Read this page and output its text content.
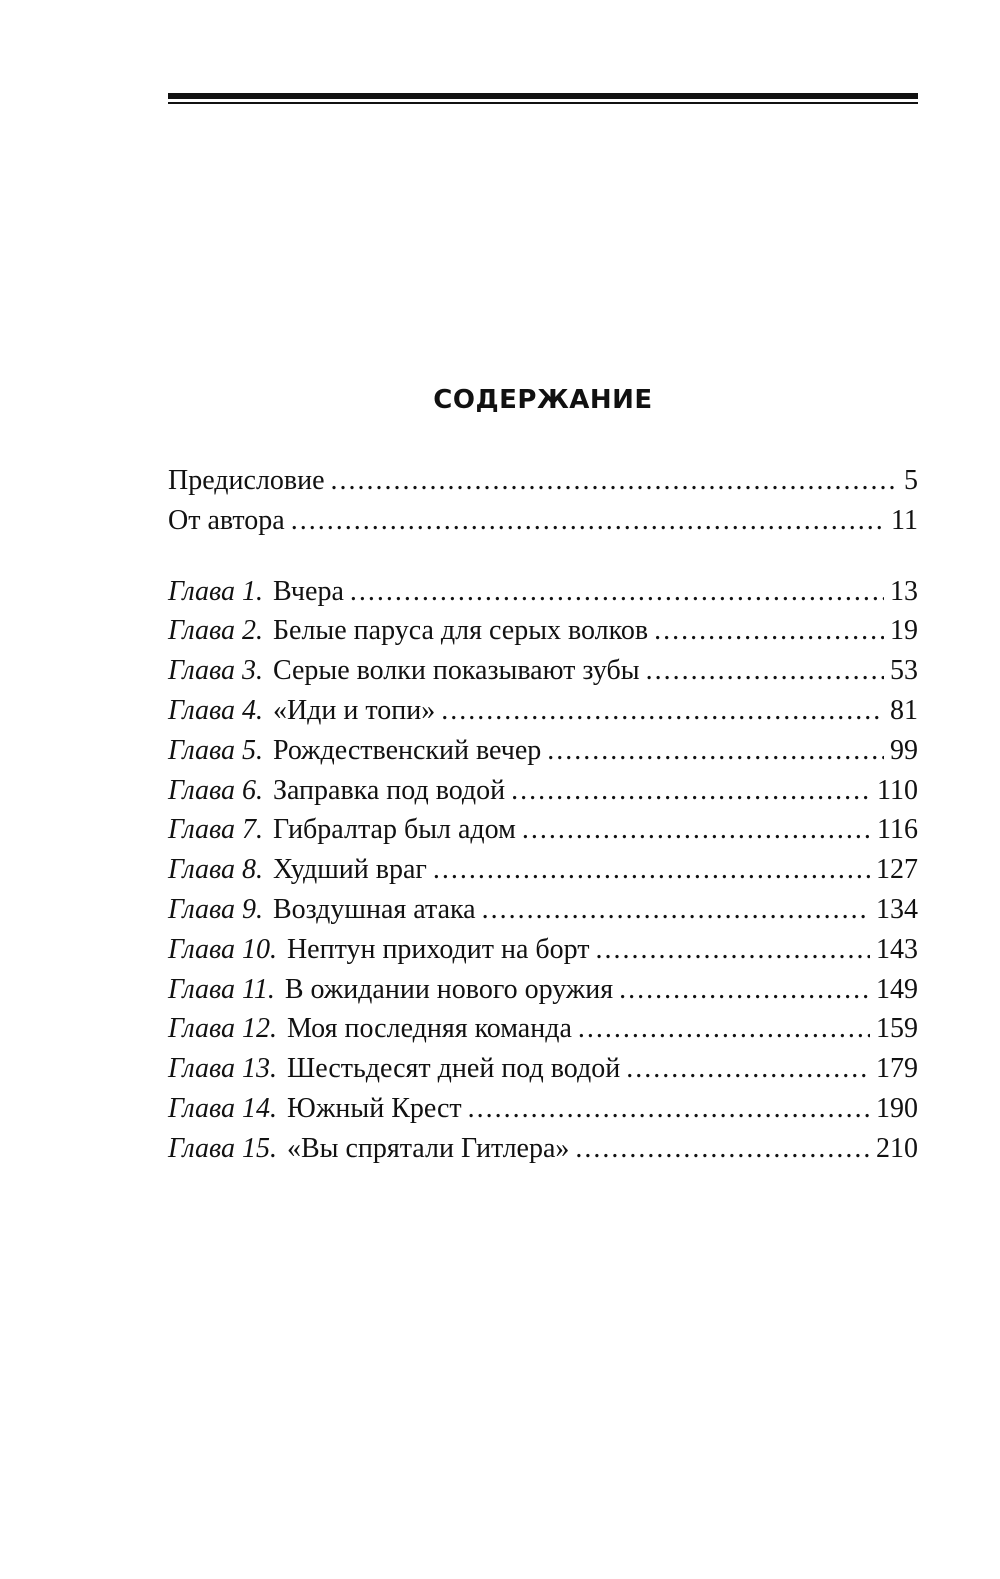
СОДЕРЖАНИЕ
Предисловие .....	5
От автора .....	11
Глава 1. Вчера .....	13
Глава 2. Белые паруса для серых волков .....	19
Глава 3. Серые волки показывают зубы .....	53
Глава 4. «Иди и топи» .....	81
Глава 5. Рождественский вечер .....	99
Глава 6. Заправка под водой .....	110
Глава 7. Гибралтар был адом .....	116
Глава 8. Худший враг .....	127
Глава 9. Воздушная атака .....	134
Глава 10. Нептун приходит на борт .....	143
Глава 11. В ожидании нового оружия .....	149
Глава 12. Моя последняя команда .....	159
Глава 13. Шестьдесят дней под водой .....	179
Глава 14. Южный Крест .....	190
Глава 15. «Вы спрятали Гитлера» .....	210
